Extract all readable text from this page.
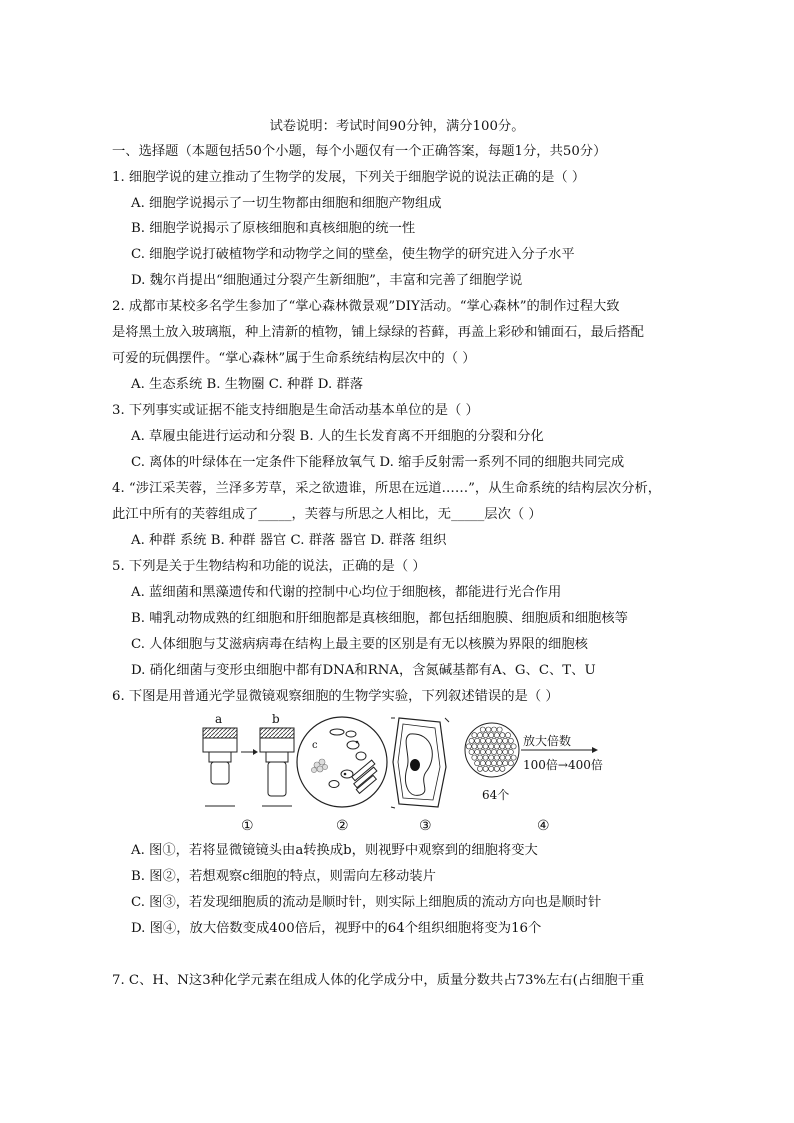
试卷说明：考试时间90分钟，满分100分。
一、选择题（本题包括50个小题，每个小题仅有一个正确答案，每题1分，共50分）
1. 细胞学说的建立推动了生物学的发展，下列关于细胞学说的说法正确的是（ ）
A. 细胞学说揭示了一切生物都由细胞和细胞产物组成
B. 细胞学说揭示了原核细胞和真核细胞的统一性
C. 细胞学说打破植物学和动物学之间的壁垒，使生物学的研究进入分子水平
D. 魏尔肖提出“细胞通过分裂产生新细胞”，丰富和完善了细胞学说
2. 成都市某校多名学生参加了“掌心森林微景观”DIY活动。“掌心森林”的制作过程大致
是将黑土放入玻璃瓶，种上清新的植物，铺上绿绿的苔藓，再盖上彩砂和铺面石，最后搭配
可爱的玩偶摆件。“掌心森林”属于生命系统结构层次中的（ ）
A. 生态系统 B. 生物圈 C. 种群 D. 群落
3. 下列事实或证据不能支持细胞是生命活动基本单位的是（ ）
A. 草履虫能进行运动和分裂 B. 人的生长发育离不开细胞的分裂和分化
C. 离体的叶绿体在一定条件下能释放氧气 D. 缩手反射需一系列不同的细胞共同完成
4. “涉江采芙蓉，兰泽多芳草，采之欲遗谁，所思在远道……”，从生命系统的结构层次分析，
此江中所有的芙蓉组成了_____，芙蓉与所思之人相比，无_____层次（ ）
A. 种群 系统 B. 种群 器官 C. 群落 器官 D. 群落 组织
5. 下列是关于生物结构和功能的说法，正确的是（ ）
A. 蓝细菌和黑藻遗传和代谢的控制中心均位于细胞核，都能进行光合作用
B. 哺乳动物成熟的红细胞和肝细胞都是真核细胞，都包括细胞膜、细胞质和细胞核等
C. 人体细胞与艾滋病病毒在结构上最主要的区别是有无以核膜为界限的细胞核
D. 硝化细菌与变形虫细胞中都有DNA和RNA，含氮碱基都有A、G、C、T、U
6. 下图是用普通光学显微镜观察细胞的生物学实验，下列叙述错误的是（ ）
a	b
c	放大倍数
100倍→400倍
64个
①	②	③	④
A. 图①，若将显微镜镜头由a转换成b，则视野中观察到的细胞将变大
B. 图②，若想观察c细胞的特点，则需向左移动装片
C. 图③，若发现细胞质的流动是顺时针，则实际上细胞质的流动方向也是顺时针
D. 图④，放大倍数变成400倍后，视野中的64个组织细胞将变为16个
7. C、H、N这3种化学元素在组成人体的化学成分中，质量分数共占73%左右(占细胞干重
